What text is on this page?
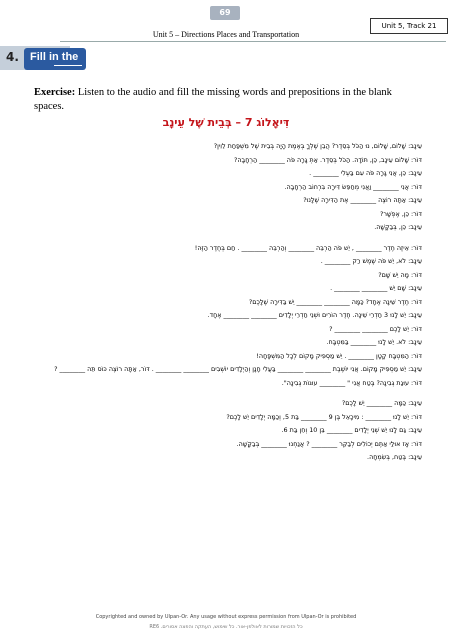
69
Unit 5, Track 21
Unit 5 – Directions Places and Transportation
4. Fill in the
Exercise: Listen to the audio and fill the missing words and prepositions in the blank spaces.
דִּיאָלוֹג 7 – בְּבֵית שֶׁל עֵינָב
עֵינָב: שָׁלוֹם, שָׁלוֹם, נוּ הַכֹּל בְּסֵדֶר? הֲבֵן שֶׁלְּךָ בְּאֶמֶת הָיָה בְּבֵית שֶׁל מִשְׁפַּחַת לֵוִין?
דּוֹר: שָׁלוֹם עֵינָב, כֵּן, תּוֹדָה. הַכֹּל בְּסֵדֶר. אַתְּ גָּרָה פֹּה ________ הַרְחָבָה?
עֵינָב: כֵּן, אֲנִי גָּרָה פֹּה עִם בַּעְלִי ________ .
דּוֹר: אֲנִי ________ וַאֲנִי מְחַפֵּשׂ דִּירָה בִּרְחוֹב הַרְחָבָה.
עֵינָב: אַתָּה רוֹצֶה ________ אֶת הַדִּירָה שֶׁלָּנוּ?
דּוֹר: כֵּן, אֶפְשָׁר?
עֵינָב: כֵּן, בְּבַקָּשָׁה.
דּוֹר: אֵיזֶה חֶדֶר ________ , יֵשׁ פֹּה הַרְבֵּה ________ וְהַרְבֵּה ________ . חַם בְּחֶדֶר הַזֶּה!
עֵינָב: לֹא, יֵשׁ פֹּה שֶׁמֶשׁ רַק ________ .
דּוֹר: מָה יֵשׁ שָׁם?
עֵינָב: שָׁם יֵשׁ ________ ________ .
דּוֹר: חֶדֶר שֵׁינָה אֶחָד? כַּמָּה ________ ________ יֵשׁ בַּדִּירָה שֶׁלָּכֶם?
עֵינָב: יֵשׁ לָנוּ 3 חַדְרֵי שֵׁינָה. חֶדֶר הוֹרִים וּשְׁנֵי חַדְרֵי יְלָדִים ________ ________ אֶחָד.
דּוֹר: יֵשׁ לָכֶם ________ ________ ?
עֵינָב: לֹא. יֵשׁ לָנוּ ________ בַּמִּטְבָּח.
דּוֹר: הַמִּטְבָּח קָטָן ________ . יֵשׁ מַסְפִּיק מָקוֹם לְכָל הַמִּשְׁפָּחָה!
עֵינָב: יֵשׁ מַסְפִּיק מָקוֹם. אֲנִי יוֹשֶׁבֶת ________ ________ בַּעֲלִי חָנָן וְהַיְלָדִים יוֹשְׁבִים ________ ________ . דּוֹר, אַתָּה רוֹצֶה כּוֹס תֵּה ________ ?
דּוֹר: עוּגַת גְּבִינָה? בֶּטַח אֲנִי " ________ עוּגוֹת גְּבִינָה".
עֵינָב: כַּמָּה ________ יֵשׁ לָכֶם?
דּוֹר: יֵשׁ לָנוּ ________ : מִיכָאֵל בֶּן 9 ________ בַּת 5, וְכַמָּה יְלָדִים יֵשׁ לָכֶם?
עֵינָב: גַּם לָנוּ יֵשׁ שְׁנֵי יְלָדִים ________ בֵּן 10 וְחֵן בַּת 6.
דּוֹר: אָז אוּלַי אַתֶּם יְכוֹלִים לְבַקֵּר ________ ? אֲנַחְנוּ ________ בְּבַקָּשָׁה.
עֵינָב: בֶּטַח, בְּשִׂמְחָה.
Copyrighted and owned by Ulpan-Or. Any usage without express permission from Ulpan-Or is prohibited
כל הזכויות שמורות לאולפן-אור. כל שימוש, העתקה והפצה אסורים. RE6
